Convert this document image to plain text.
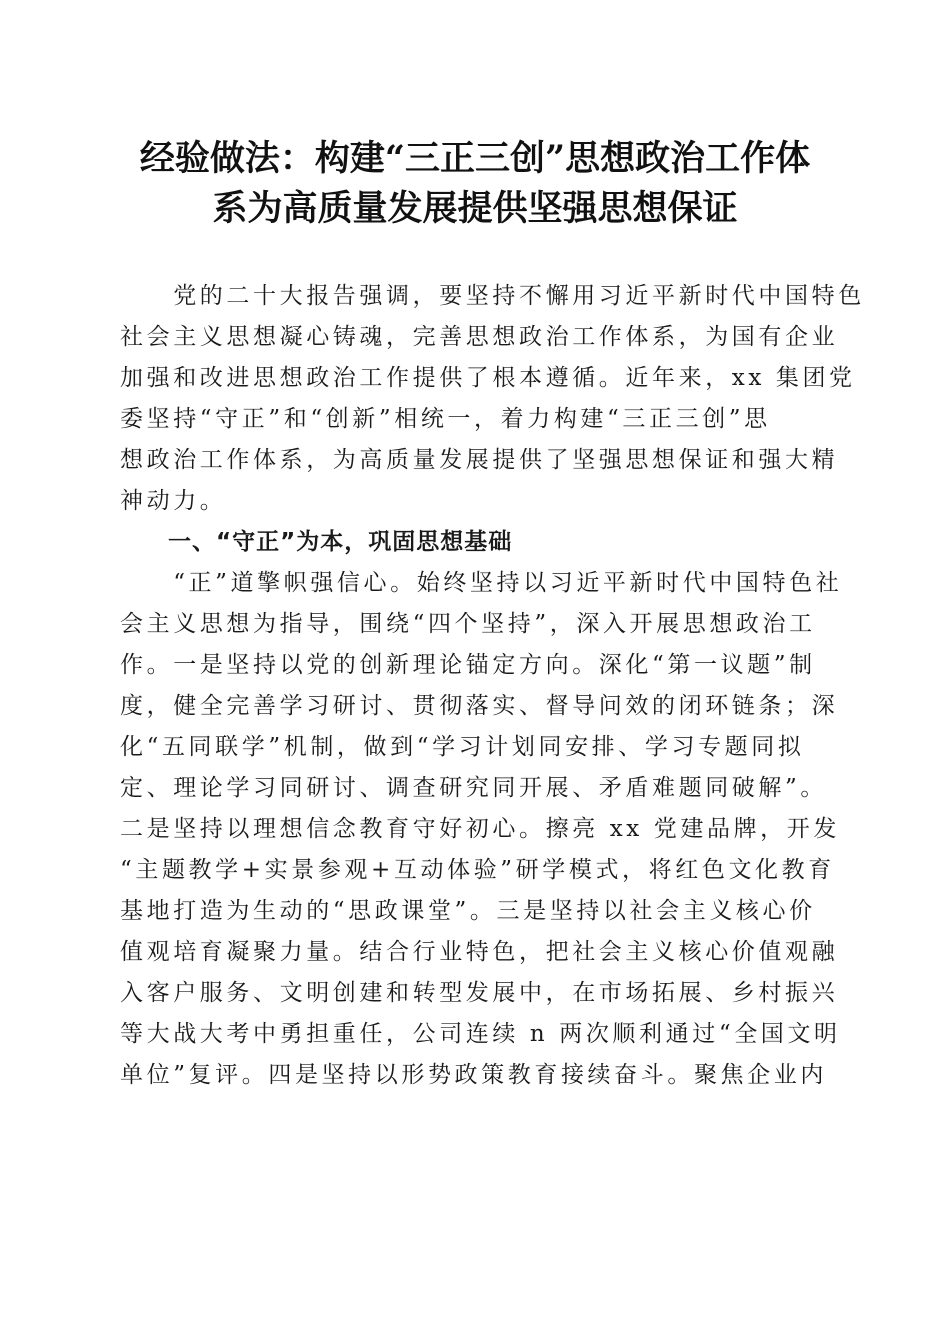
经验做法：构建“三正三创”思想政治工作体
系为高质量发展提供坚强思想保证
　　党的二十大报告强调，要坚持不懈用习近平新时代中国特色
社会主义思想凝心铸魂，完善思想政治工作体系，为国有企业
加强和改进思想政治工作提供了根本遵循。近年来，xx 集团党
委坚持“守正”和“创新”相统一，着力构建“三正三创”思
想政治工作体系，为高质量发展提供了坚强思想保证和强大精
神动力。
　　一、“守正”为本，巩固思想基础
　　“正”道擎帜强信心。始终坚持以习近平新时代中国特色社
会主义思想为指导，围绕“四个坚持”，深入开展思想政治工
作。一是坚持以党的创新理论锚定方向。深化“第一议题”制
度，健全完善学习研讨、贯彻落实、督导问效的闭环链条；深
化“五同联学”机制，做到“学习计划同安排、学习专题同拟
定、理论学习同研讨、调查研究同开展、矛盾难题同破解”。
二是坚持以理想信念教育守好初心。擦亮 xx 党建品牌，开发
“主题教学+实景参观+互动体验”研学模式，将红色文化教育
基地打造为生动的“思政课堂”。三是坚持以社会主义核心价
值观培育凝聚力量。结合行业特色，把社会主义核心价值观融
入客户服务、文明创建和转型发展中，在市场拓展、乡村振兴
等大战大考中勇担重任，公司连续 n 两次顺利通过“全国文明
单位”复评。四是坚持以形势政策教育接续奋斗。聚焦企业内
